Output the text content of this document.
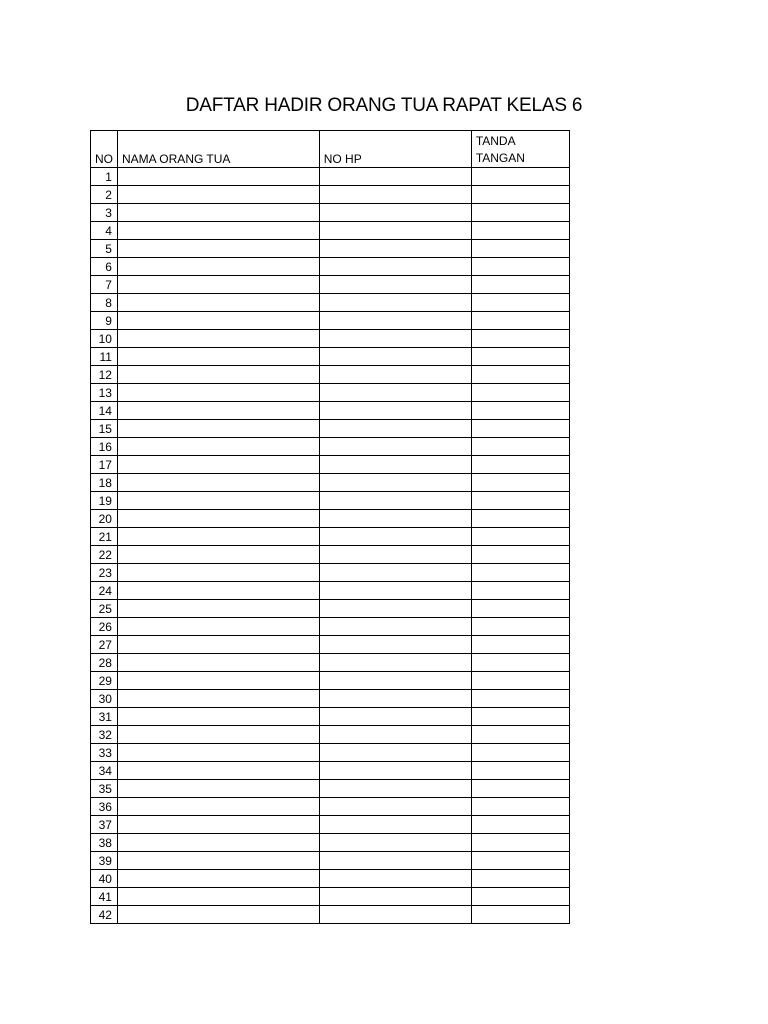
DAFTAR HADIR ORANG TUA RAPAT KELAS 6
NO	NAMA ORANG TUA	NO HP	TANDA
TANGAN
1			
2			
3			
4			
5			
6			
7			
8			
9			
10			
11			
12			
13			
14			
15			
16			
17			
18			
19			
20			
21			
22			
23			
24			
25			
26			
27			
28			
29			
30			
31			
32			
33			
34			
35			
36			
37			
38			
39			
40			
41			
42			
